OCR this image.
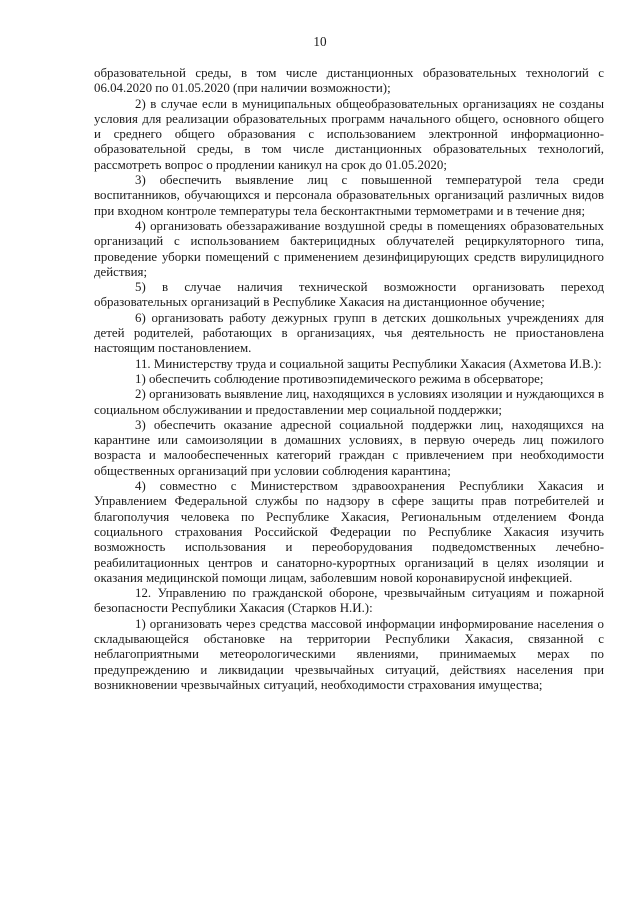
10

образовательной среды, в том числе дистанционных образовательных технологий с 06.04.2020 по 01.05.2020 (при наличии возможности);

2) в случае если в муниципальных общеобразовательных организациях не созданы условия для реализации образовательных программ начального общего, основного общего и среднего общего образования с использованием электронной информационно-образовательной среды, в том числе дистанционных образовательных технологий, рассмотреть вопрос о продлении каникул на срок до 01.05.2020;

3) обеспечить выявление лиц с повышенной температурой тела среди воспитанников, обучающихся и персонала образовательных организаций различных видов при входном контроле температуры тела бесконтактными термометрами и в течение дня;

4) организовать обеззараживание воздушной среды в помещениях образовательных организаций с использованием бактерицидных облучателей рециркуляторного типа, проведение уборки помещений с применением дезинфицирующих средств вирулицидного действия;

5) в случае наличия технической возможности организовать переход образовательных организаций в Республике Хакасия на дистанционное обучение;

6) организовать работу дежурных групп в детских дошкольных учреждениях для детей родителей, работающих в организациях, чья деятельность не приостановлена настоящим постановлением.

11. Министерству труда и социальной защиты Республики Хакасия (Ахметова И.В.):

1) обеспечить соблюдение противоэпидемического режима в обсерваторе;

2) организовать выявление лиц, находящихся в условиях изоляции и нуждающихся в социальном обслуживании и предоставлении мер социальной поддержки;

3) обеспечить оказание адресной социальной поддержки лиц, находящихся на карантине или самоизоляции в домашних условиях, в первую очередь лиц пожилого возраста и малообеспеченных категорий граждан с привлечением при необходимости общественных организаций при условии соблюдения карантина;

4) совместно с Министерством здравоохранения Республики Хакасия и Управлением Федеральной службы по надзору в сфере защиты прав потребителей и благополучия человека по Республике Хакасия, Региональным отделением Фонда социального страхования Российской Федерации по Республике Хакасия изучить возможность использования и переоборудования подведомственных лечебно-реабилитационных центров и санаторно-курортных организаций в целях изоляции и оказания медицинской помощи лицам, заболевшим новой коронавирусной инфекцией.

12. Управлению по гражданской обороне, чрезвычайным ситуациям и пожарной безопасности Республики Хакасия (Старков Н.И.):

1) организовать через средства массовой информации информирование населения о складывающейся обстановке на территории Республики Хакасия, связанной с неблагоприятными метеорологическими явлениями, принимаемых мерах по предупреждению и ликвидации чрезвычайных ситуаций, действиях населения при возникновении чрезвычайных ситуаций, необходимости страхования имущества;
